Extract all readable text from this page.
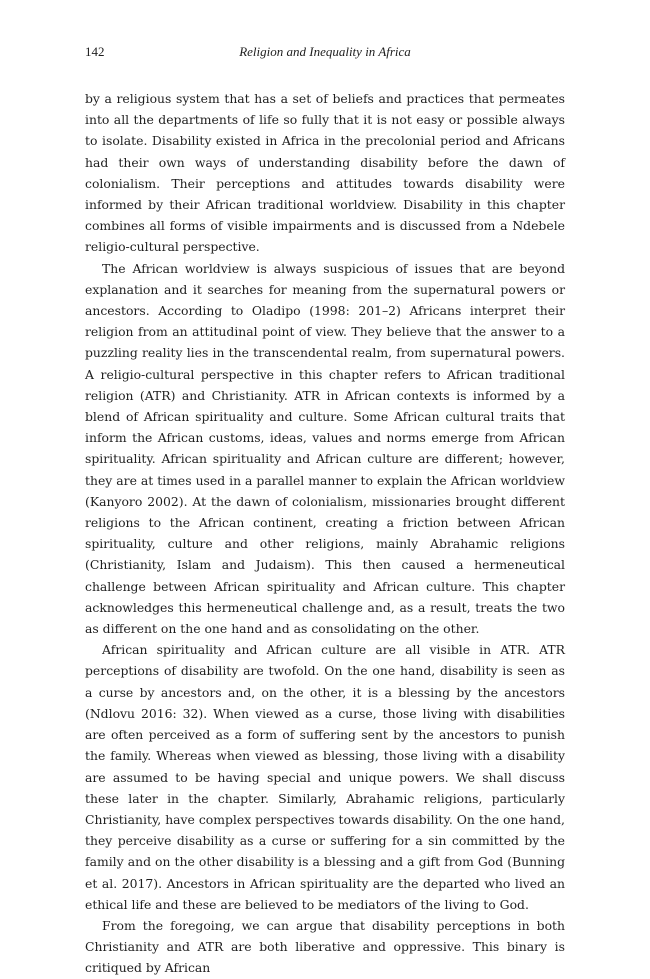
142	Religion and Inequality in Africa

by a religious system that has a set of beliefs and practices that permeates into all the departments of life so fully that it is not easy or possible always to isolate. Disability existed in Africa in the precolonial period and Africans had their own ways of understanding disability before the dawn of colonialism. Their perceptions and attitudes towards disability were informed by their African traditional worldview. Disability in this chapter combines all forms of visible impairments and is discussed from a Ndebele religio-cultural perspective.

The African worldview is always suspicious of issues that are beyond explanation and it searches for meaning from the supernatural powers or ancestors. According to Oladipo (1998: 201–2) Africans interpret their religion from an attitudinal point of view. They believe that the answer to a puzzling reality lies in the transcendental realm, from supernatural powers. A religio-cultural perspective in this chapter refers to African traditional religion (ATR) and Christianity. ATR in African contexts is informed by a blend of African spirituality and culture. Some African cultural traits that inform the African customs, ideas, values and norms emerge from African spirituality. African spirituality and African culture are different; however, they are at times used in a parallel manner to explain the African worldview (Kanyoro 2002). At the dawn of colonialism, missionaries brought different religions to the African continent, creating a friction between African spirituality, culture and other religions, mainly Abrahamic religions (Christianity, Islam and Judaism). This then caused a hermeneutical challenge between African spirituality and African culture. This chapter acknowledges this hermeneutical challenge and, as a result, treats the two as different on the one hand and as consolidating on the other.

African spirituality and African culture are all visible in ATR. ATR perceptions of disability are twofold. On the one hand, disability is seen as a curse by ancestors and, on the other, it is a blessing by the ancestors (Ndlovu 2016: 32). When viewed as a curse, those living with disabilities are often perceived as a form of suffering sent by the ancestors to punish the family. Whereas when viewed as blessing, those living with a disability are assumed to be having special and unique powers. We shall discuss these later in the chapter. Similarly, Abrahamic religions, particularly Christianity, have complex perspectives towards disability. On the one hand, they perceive disability as a curse or suffering for a sin committed by the family and on the other disability is a blessing and a gift from God (Bunning et al. 2017). Ancestors in African spirituality are the departed who lived an ethical life and these are believed to be mediators of the living to God.

From the foregoing, we can argue that disability perceptions in both Christianity and ATR are both liberative and oppressive. This binary is critiqued by African
